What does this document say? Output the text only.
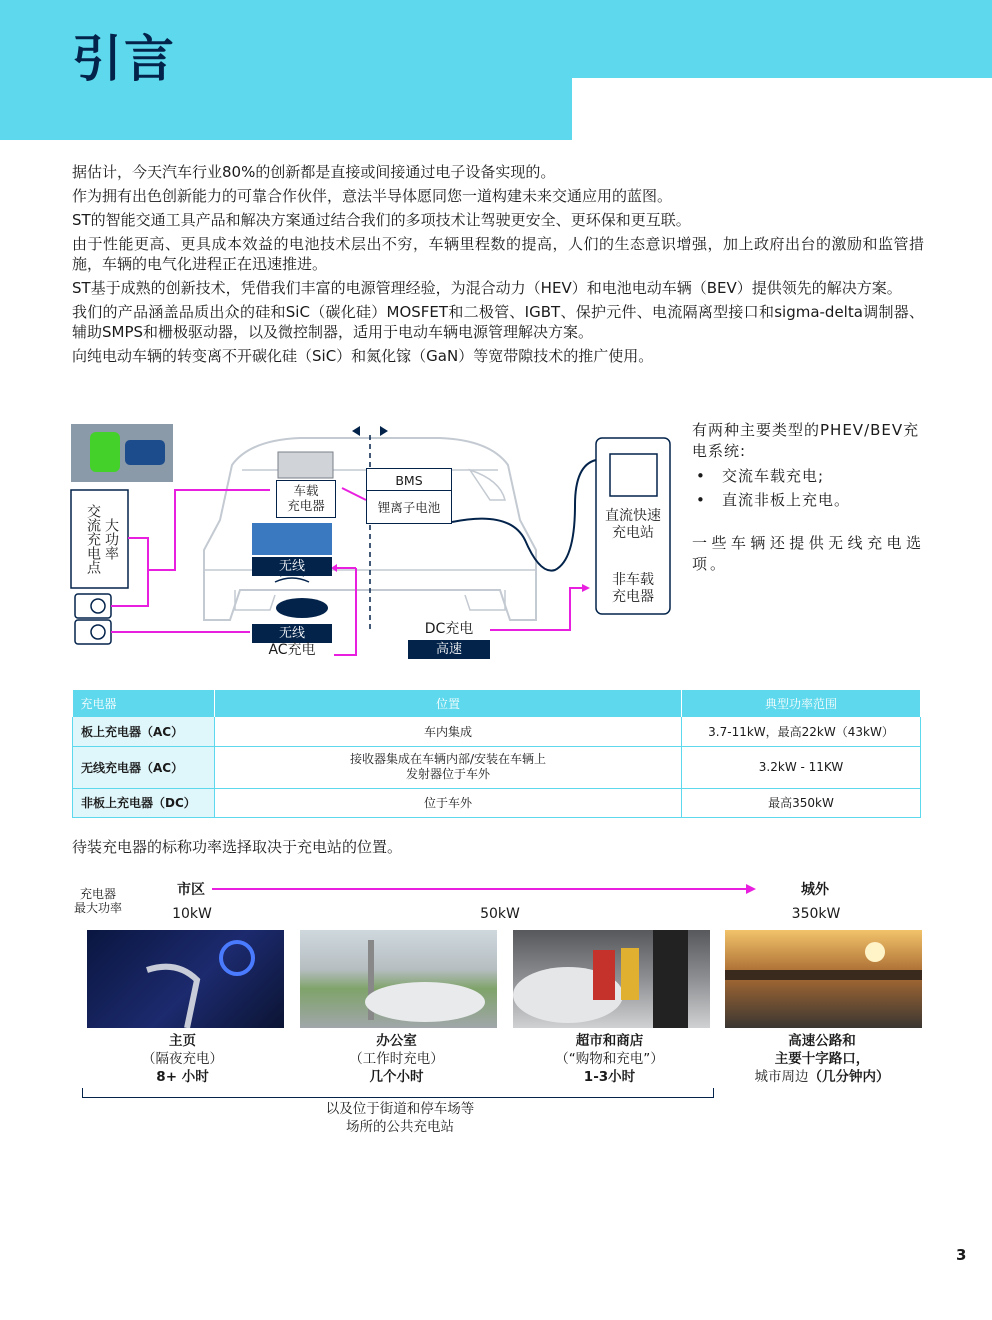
引言

据估计，今天汽车行业80%的创新都是直接或间接通过电子设备实现的。

作为拥有出色创新能力的可靠合作伙伴，意法半导体愿同您一道构建未来交通应用的蓝图。

ST的智能交通工具产品和解决方案通过结合我们的多项技术让驾驶更安全、更环保和更互联。

由于性能更高、更具成本效益的电池技术层出不穷，车辆里程数的提高，人们的生态意识增强，加上政府出台的激励和监管措施，车辆的电气化进程正在迅速推进。

ST基于成熟的创新技术，凭借我们丰富的电源管理经验，为混合动力（HEV）和电池电动车辆（BEV）提供领先的解决方案。

我们的产品涵盖品质出众的硅和SiC（碳化硅）MOSFET和二极管、IGBT、保护元件、电流隔离型接口和sigma-delta调制器、辅助SMPS和栅极驱动器，以及微控制器，适用于电动车辆电源管理解决方案。

向纯电动车辆的转变离不开碳化硅（SiC）和氮化镓（GaN）等宽带隙技术的推广使用。

大功率
交流充电点
车载
充电器
BMS
锂离子电池
无线
无线
AC充电
DC充电
高速
直流快速
充电站
非车载
充电器
有两种主要类型的PHEV/BEV充电系统:
• 交流车载充电;
• 直流非板上充电。
一些车辆还提供无线充电选项。
充电器	位置	典型功率范围
板上充电器（AC）	车内集成	3.7-11kW，最高22kW（43kW）
无线充电器（AC）	接收器集成在车辆内部/安装在车辆上
发射器位于车外	3.2kW - 11KW
非板上充电器（DC）	位于车外	最高350kW
待装充电器的标称功率选择取决于充电站的位置。
充电器
最大功率
市区	城外
10kW	50kW	350kW
主页
（隔夜充电）
8+ 小时
办公室
（工作时充电）
几个小时
超市和商店
（“购物和充电”）
1-3小时
高速公路和
主要十字路口，
城市周边（几分钟内）
以及位于街道和停车场等
场所的公共充电站
3
